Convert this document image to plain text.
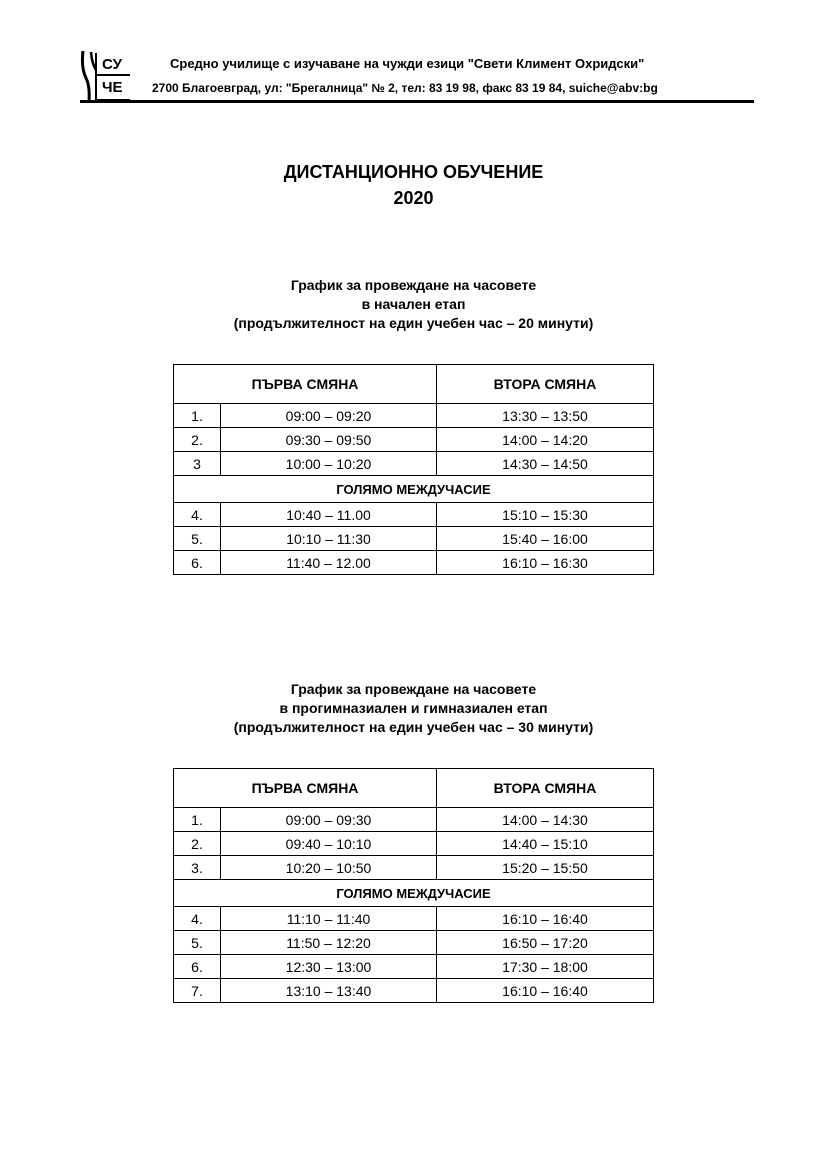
СУ
ЧЕ
Средно училище с изучаване на чужди езици "Свети Климент Охридски"
2700 Благоевград, ул: "Брегалница" № 2, тел: 83 19 98, факс 83 19 84, suiche@abv:bg
ДИСТАНЦИОННО ОБУЧЕНИЕ
2020
График за провеждане на часовете
в начален етап
(продължителност на един учебен час – 20 минути)
ПЪРВА СМЯНА		ВТОРА СМЯНА
1.	09:00 – 09:20	13:30 – 13:50
2.	09:30 – 09:50	14:00 – 14:20
3	10:00 – 10:20	14:30 – 14:50
ГОЛЯМО МЕЖДУЧАСИЕ		
4.	10:40 – 11.00	15:10 – 15:30
5.	10:10 – 11:30	15:40 – 16:00
6.	11:40 – 12.00	16:10 – 16:30
График за провеждане на часовете
в прогимназиален и гимназиален етап
(продължителност на един учебен час – 30 минути)
ПЪРВА СМЯНА		ВТОРА СМЯНА
1.	09:00 – 09:30	14:00 – 14:30
2.	09:40 – 10:10	14:40 – 15:10
3.	10:20 – 10:50	15:20 – 15:50
ГОЛЯМО МЕЖДУЧАСИЕ		
4.	11:10 – 11:40	16:10 – 16:40
5.	11:50 – 12:20	16:50 – 17:20
6.	12:30 – 13:00	17:30 – 18:00
7.	13:10 – 13:40	16:10 – 16:40
